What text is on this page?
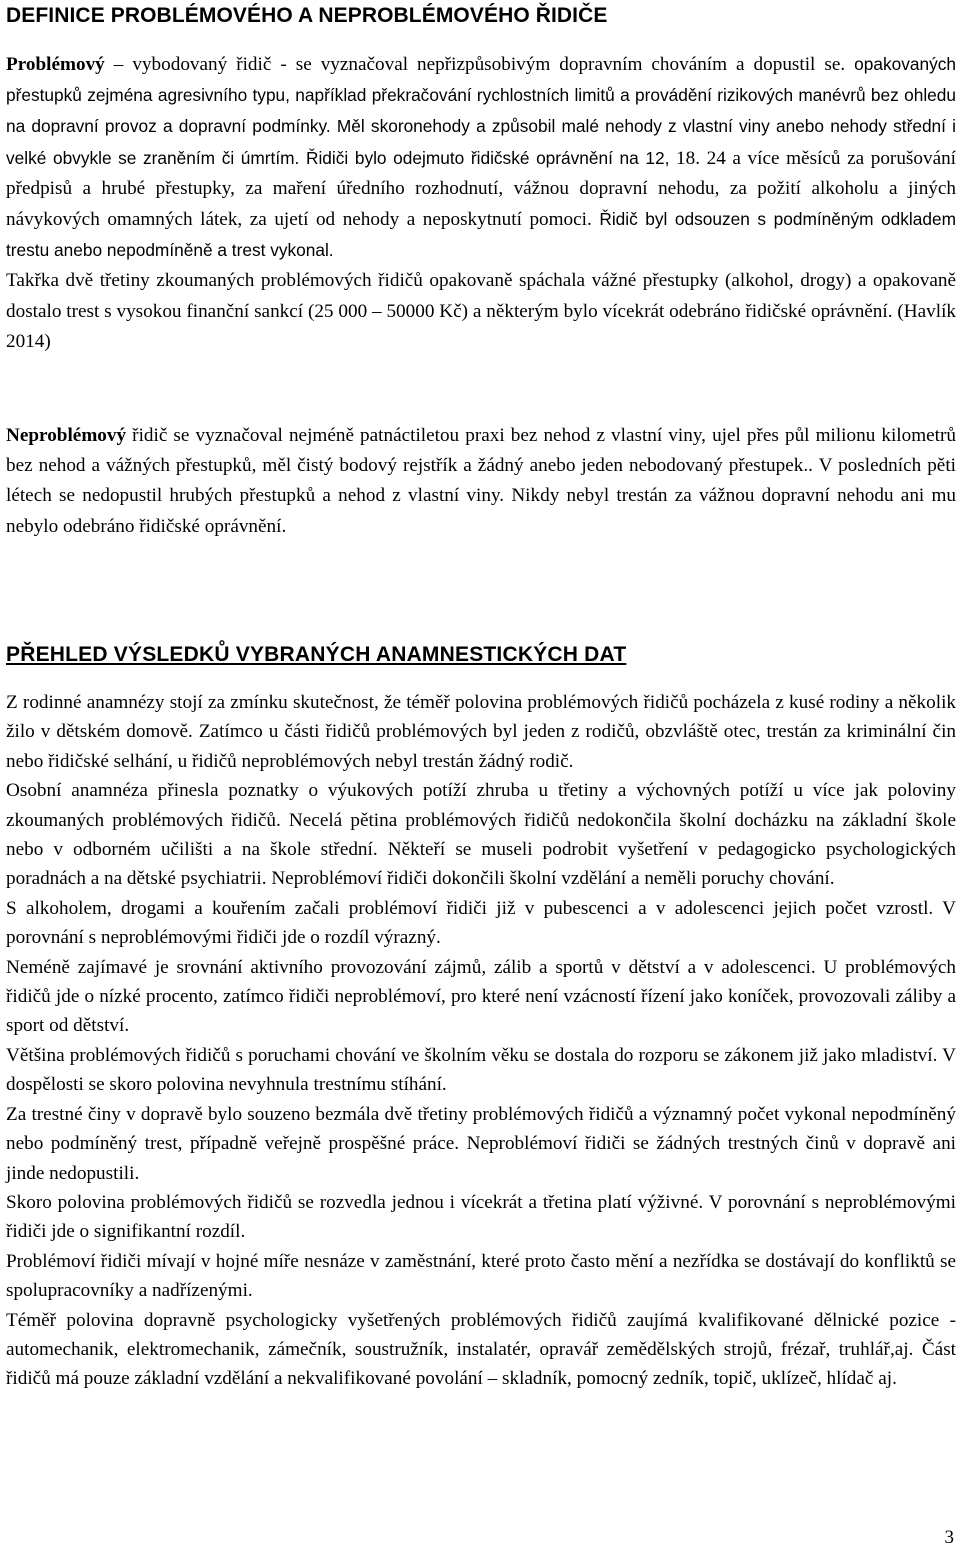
DEFINICE PROBLÉMOVÉHO A NEPROBLÉMOVÉHO ŘIDIČE

Problémový – vybodovaný řidič - se vyznačoval nepřizpůsobivým dopravním chováním a dopustil se. opakovaných přestupků zejména agresivního typu, například překračování rychlostních limitů a provádění rizikových manévrů bez ohledu na dopravní provoz a dopravní podmínky. Měl skoronehody a způsobil malé nehody z vlastní viny anebo nehody střední i velké obvykle se zraněním či úmrtím. Řidiči bylo odejmuto řidičské oprávnění na 12, 18. 24 a více měsíců za porušování předpisů a hrubé přestupky, za maření úředního rozhodnutí, vážnou dopravní nehodu, za požití alkoholu a jiných návykových omamných látek, za ujetí od nehody a neposkytnutí pomoci. Řidič byl odsouzen s podmíněným odkladem trestu anebo nepodmíněně a trest vykonal.
Takřka dvě třetiny zkoumaných problémových řidičů opakovaně spáchala vážné přestupky (alkohol, drogy) a opakovaně dostalo trest s vysokou finanční sankcí (25 000 – 50000 Kč) a některým bylo vícekrát odebráno řidičské oprávnění. (Havlík 2014)

Neproblémový řidič se vyznačoval nejméně patnáctiletou praxi bez nehod z vlastní viny, ujel přes půl milionu kilometrů bez nehod a vážných přestupků, měl čistý bodový rejstřík a žádný anebo jeden nebodovaný přestupek.. V posledních pěti létech se nedopustil hrubých přestupků a nehod z vlastní viny. Nikdy nebyl trestán za vážnou dopravní nehodu ani mu nebylo odebráno řidičské oprávnění.

PŘEHLED VÝSLEDKŮ VYBRANÝCH ANAMNESTICKÝCH DAT

Z rodinné anamnézy stojí za zmínku skutečnost, že téměř polovina problémových řidičů pocházela z kusé rodiny a několik žilo v dětském domově. Zatímco u části řidičů problémových byl jeden z rodičů, obzvláště otec, trestán za kriminální čin nebo řidičské selhání, u řidičů neproblémových nebyl trestán žádný rodič.

Osobní anamnéza přinesla poznatky o výukových potíží zhruba u třetiny a výchovných potíží u více jak poloviny zkoumaných problémových řidičů. Necelá pětina problémových řidičů nedokončila školní docházku na základní škole nebo v odborném učilišti a na škole střední. Někteří se museli podrobit vyšetření v pedagogicko psychologických poradnách a na dětské psychiatrii. Neproblémoví řidiči dokončili školní vzdělání a neměli poruchy chování.

S alkoholem, drogami a kouřením začali problémoví řidiči již v pubescenci a v adolescenci jejich počet vzrostl. V porovnání s neproblémovými řidiči jde o rozdíl výrazný.

Neméně zajímavé je srovnání aktivního provozování zájmů, zálib a sportů v dětství a v adolescenci. U problémových řidičů jde o nízké procento, zatímco řidiči neproblémoví, pro které není vzácností řízení jako koníček, provozovali záliby a sport od dětství.

Většina problémových řidičů s poruchami chování ve školním věku se dostala do rozporu se zákonem již jako mladiství. V dospělosti se skoro polovina nevyhnula trestnímu stíhání.

Za trestné činy v dopravě bylo souzeno bezmála dvě třetiny problémových řidičů a významný počet vykonal nepodmíněný nebo podmíněný trest, případně veřejně prospěšné práce. Neproblémoví řidiči se žádných trestných činů v dopravě ani jinde nedopustili.

Skoro polovina problémových řidičů se rozvedla jednou i vícekrát a třetina platí výživné. V porovnání s neproblémovými řidiči jde o signifikantní rozdíl.

Problémoví řidiči mívají v hojné míře nesnáze v zaměstnání, které proto často mění a nezřídka se dostávají do konfliktů se spolupracovníky a nadřízenými.

Téměř polovina dopravně psychologicky vyšetřených problémových řidičů zaujímá kvalifikované dělnické pozice - automechanik, elektromechanik, zámečník, soustružník, instalatér, opravář zemědělských strojů, frézař, truhlář,aj. Část řidičů má pouze základní vzdělání a nekvalifikované povolání – skladník, pomocný zedník, topič, uklízeč, hlídač aj.

3
